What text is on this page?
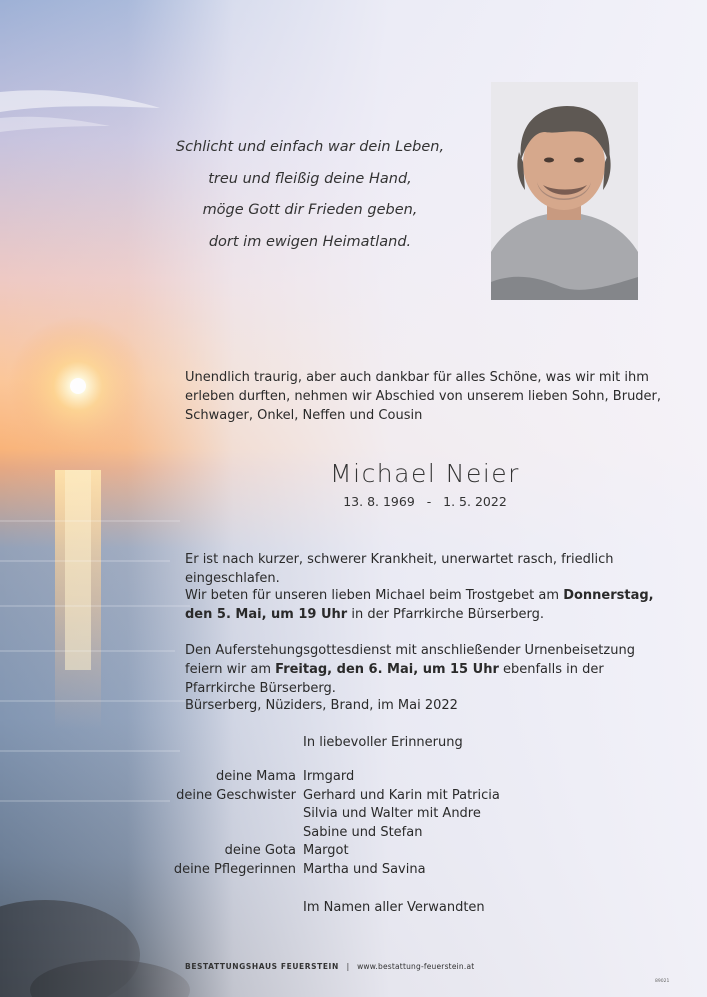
Schlicht und einfach war dein Leben,
treu und fleißig deine Hand,
möge Gott dir Frieden geben,
dort im ewigen Heimatland.
Unendlich traurig, aber auch dankbar für alles Schöne, was wir mit ihm erleben durften, nehmen wir Abschied von unserem lieben Sohn, Bruder, Schwager, Onkel, Neffen und Cousin
Michael Neier
13. 8. 1969 - 1. 5. 2022
Er ist nach kurzer, schwerer Krankheit, unerwartet rasch, friedlich eingeschlafen.
Wir beten für unseren lieben Michael beim Trostgebet am Donnerstag, den 5. Mai, um 19 Uhr in der Pfarrkirche Bürserberg.
Den Auferstehungsgottesdienst mit anschließender Urnenbeisetzung feiern wir am Freitag, den 6. Mai, um 15 Uhr ebenfalls in der Pfarrkirche Bürserberg.
Bürserberg, Nüziders, Brand, im Mai 2022
In liebevoller Erinnerung
deine Mama Irmgard
deine Geschwister Gerhard und Karin mit Patricia
Silvia und Walter mit Andre
Sabine und Stefan
deine Gota Margot
deine Pflegerinnen Martha und Savina
Im Namen aller Verwandten
BESTATTUNGSHAUS FEUERSTEIN | www.bestattung-feuerstein.at
89021
